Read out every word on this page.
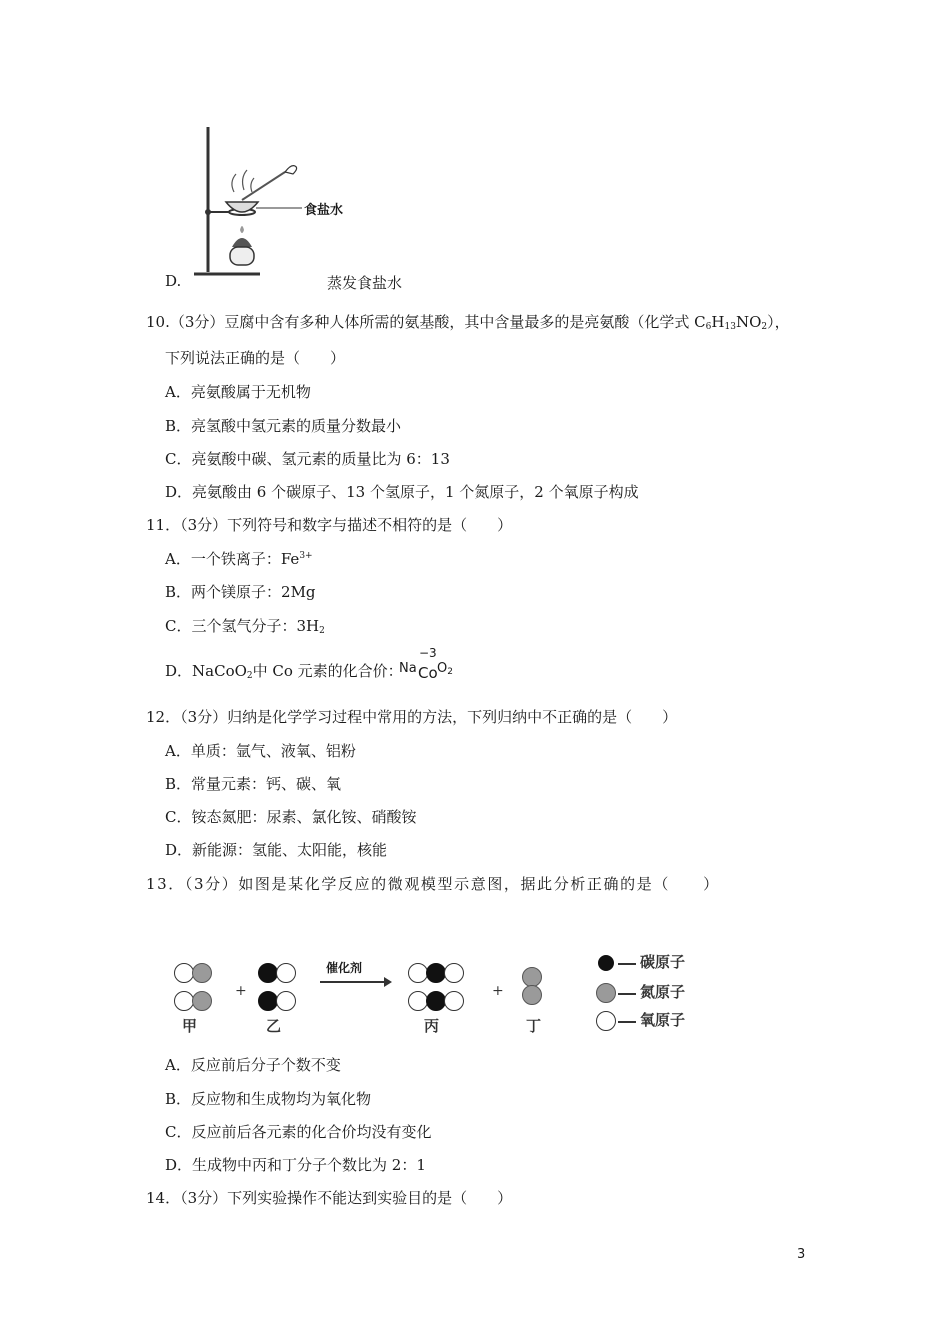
食盐水
D.	蒸发食盐水
10.（3分）豆腐中含有多种人体所需的氨基酸，其中含量最多的是亮氨酸（化学式 $C_6H_{13}NO_2$），
下列说法正确的是（　　）
A．亮氨酸属于无机物
B．亮氢酸中氢元素的质量分数最小
C．亮氨酸中碳、氢元素的质量比为 6：13
D．亮氨酸由 6 个碳原子、13 个氢原子，1 个氮原子，2 个氧原子构成
11．（3分）下列符号和数字与描述不相符的是（　　）
A．一个铁离子：$Fe^{3+}$
B．两个镁原子：2Mg
C．三个氢气分子：$3H_2$
D．NaCoO$_2$中 Co 元素的化合价：
Na
−3
Co $O_2$
12．（3分）归纳是化学学习过程中常用的方法，下列归纳中不正确的是（　　）
A．单质：氩气、液氧、铝粉
B．常量元素：钙、碳、氧
C．铵态氮肥：尿素、氯化铵、硝酸铵
D．新能源：氢能、太阳能，核能
13．（3分）如图是某化学反应的微观模型示意图，据此分析正确的是（　　）
甲
+
乙
催化剂
丙
+
丁
碳原子
氮原子
氧原子
A．反应前后分子个数不变
B．反应物和生成物均为氧化物
C．反应前后各元素的化合价均没有变化
D．生成物中丙和丁分子个数比为 2：1
14．（3分）下列实验操作不能达到实验目的是（　　）
3
